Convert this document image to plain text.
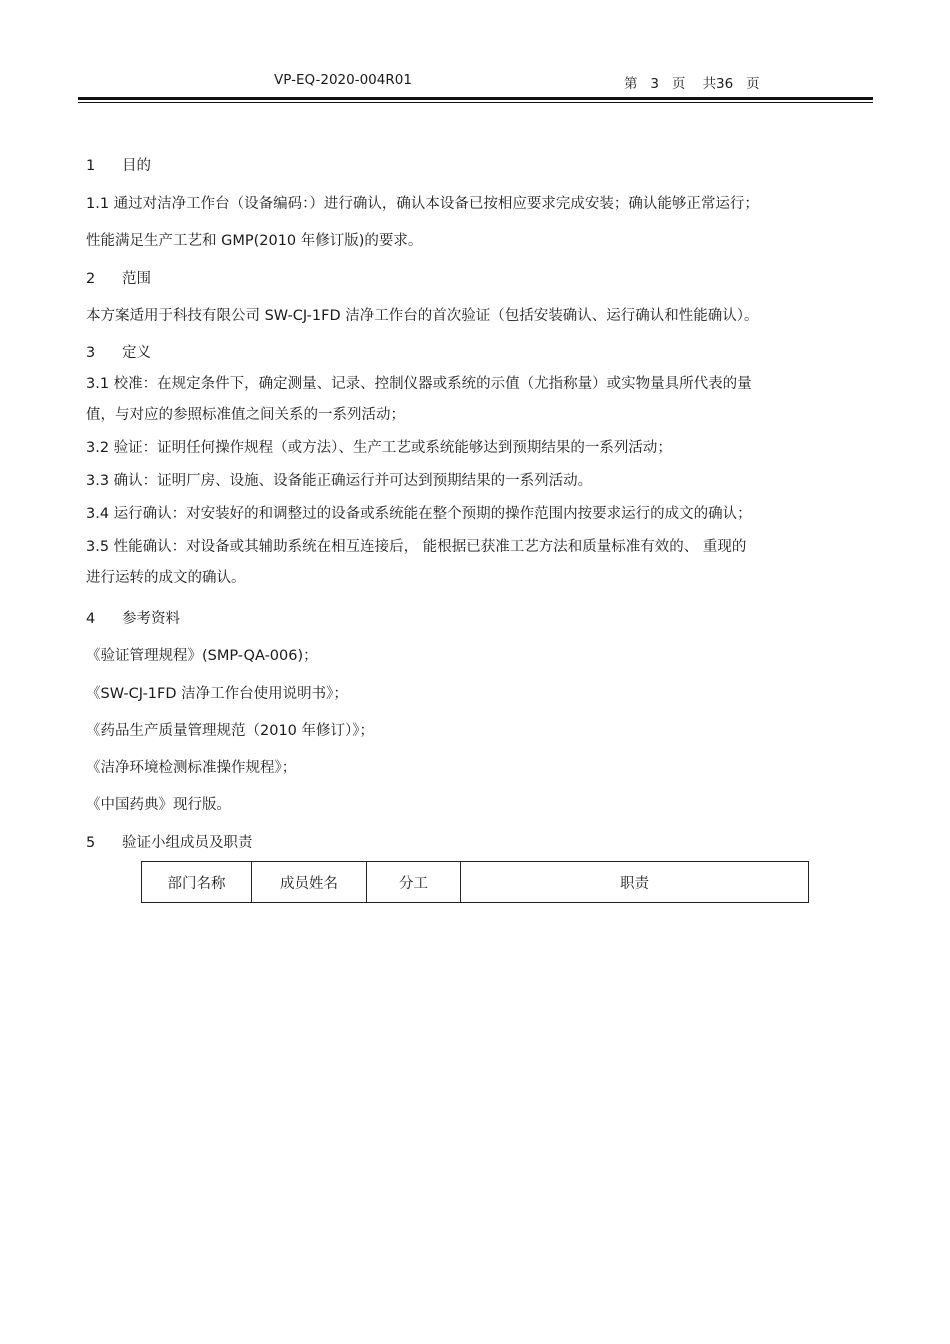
VP-EQ-2020-004R01	第 3 页 共36 页
1 目的
1.1 通过对洁净工作台（设备编码：）进行确认，确认本设备已按相应要求完成安装；确认能够正常运行；
性能满足生产工艺和 GMP(2010 年修订版)的要求。
2 范围
本方案适用于科技有限公司 SW-CJ-1FD 洁净工作台的首次验证（包括安装确认、运行确认和性能确认）。
3 定义
3.1 校准：在规定条件下，确定测量、记录、控制仪器或系统的示值（尤指称量）或实物量具所代表的量
值，与对应的参照标准值之间关系的一系列活动；
3.2 验证：证明任何操作规程（或方法）、生产工艺或系统能够达到预期结果的一系列活动；
3.3 确认：证明厂房、设施、设备能正确运行并可达到预期结果的一系列活动。
3.4 运行确认：对安装好的和调整过的设备或系统能在整个预期的操作范围内按要求运行的成文的确认；
3.5 性能确认：对设备或其辅助系统在相互连接后， 能根据已获准工艺方法和质量标准有效的、 重现的
进行运转的成文的确认。
4 参考资料
《验证管理规程》(SMP-QA-006)；
《SW-CJ-1FD 洁净工作台使用说明书》；
《药品生产质量管理规范（2010 年修订）》；
《洁净环境检测标准操作规程》；
《中国药典》现行版。
5 验证小组成员及职责
部门名称	成员姓名	分工	职责
